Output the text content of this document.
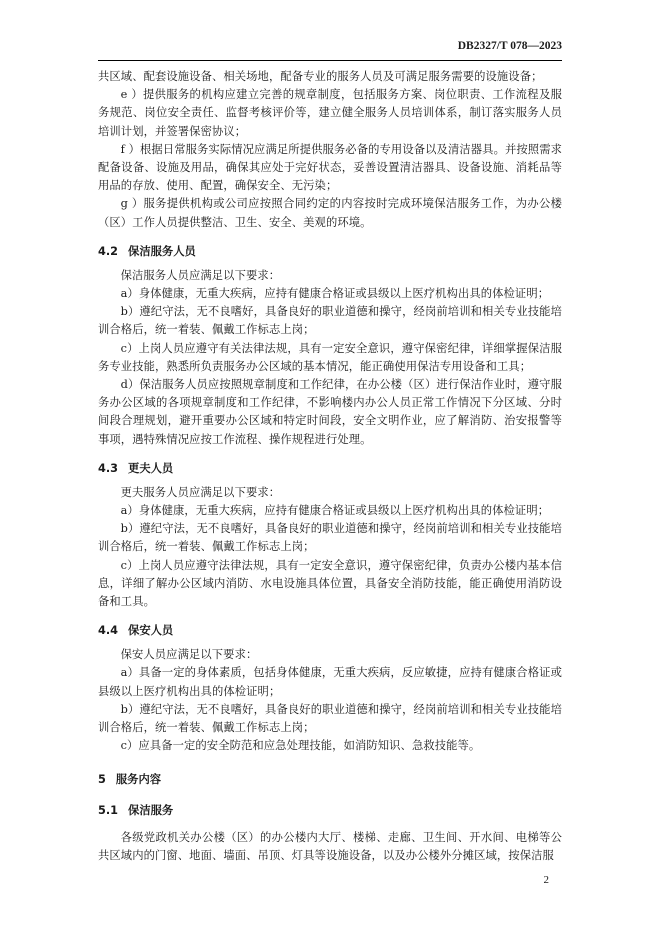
DB2327/T 078—2023

共区域、配套设施设备、相关场地，配备专业的服务人员及可满足服务需要的设施设备；

e ）提供服务的机构应建立完善的规章制度，包括服务方案、岗位职责、工作流程及服务规范、岗位安全责任、监督考核评价等，建立健全服务人员培训体系，制订落实服务人员培训计划，并签署保密协议；

f ）根据日常服务实际情况应满足所提供服务必备的专用设备以及清洁器具。并按照需求配备设备、设施及用品，确保其应处于完好状态，妥善设置清洁器具、设备设施、消耗品等用品的存放、使用、配置，确保安全、无污染；

g ）服务提供机构或公司应按照合同约定的内容按时完成环境保洁服务工作，为办公楼（区）工作人员提供整洁、卫生、安全、美观的环境。

4.2 保洁服务人员

保洁服务人员应满足以下要求：

a）身体健康，无重大疾病，应持有健康合格证或县级以上医疗机构出具的体检证明；

b）遵纪守法，无不良嗜好，具备良好的职业道德和操守，经岗前培训和相关专业技能培训合格后，统一着装、佩戴工作标志上岗；

c）上岗人员应遵守有关法律法规，具有一定安全意识，遵守保密纪律，详细掌握保洁服务专业技能，熟悉所负责服务办公区域的基本情况，能正确使用保洁专用设备和工具；

d）保洁服务人员应按照规章制度和工作纪律，在办公楼（区）进行保洁作业时，遵守服务办公区域的各项规章制度和工作纪律，不影响楼内办公人员正常工作情况下分区域、分时间段合理规划，避开重要办公区域和特定时间段，安全文明作业，应了解消防、治安报警等事项，遇特殊情况应按工作流程、操作规程进行处理。

4.3 更夫人员

更夫服务人员应满足以下要求：

a）身体健康，无重大疾病，应持有健康合格证或县级以上医疗机构出具的体检证明；

b）遵纪守法，无不良嗜好，具备良好的职业道德和操守，经岗前培训和相关专业技能培训合格后，统一着装、佩戴工作标志上岗；

c）上岗人员应遵守法律法规，具有一定安全意识，遵守保密纪律，负责办公楼内基本信息，详细了解办公区域内消防、水电设施具体位置，具备安全消防技能，能正确使用消防设备和工具。

4.4 保安人员

保安人员应满足以下要求：

a）具备一定的身体素质，包括身体健康，无重大疾病，反应敏捷，应持有健康合格证或县级以上医疗机构出具的体检证明；

b）遵纪守法，无不良嗜好，具备良好的职业道德和操守，经岗前培训和相关专业技能培训合格后，统一着装、佩戴工作标志上岗；

c）应具备一定的安全防范和应急处理技能，如消防知识、急救技能等。

5 服务内容
5.1 保洁服务

各级党政机关办公楼（区）的办公楼内大厅、楼梯、走廊、卫生间、开水间、电梯等公共区域内的门窗、地面、墙面、吊顶、灯具等设施设备，以及办公楼外分摊区域，按保洁服

2
